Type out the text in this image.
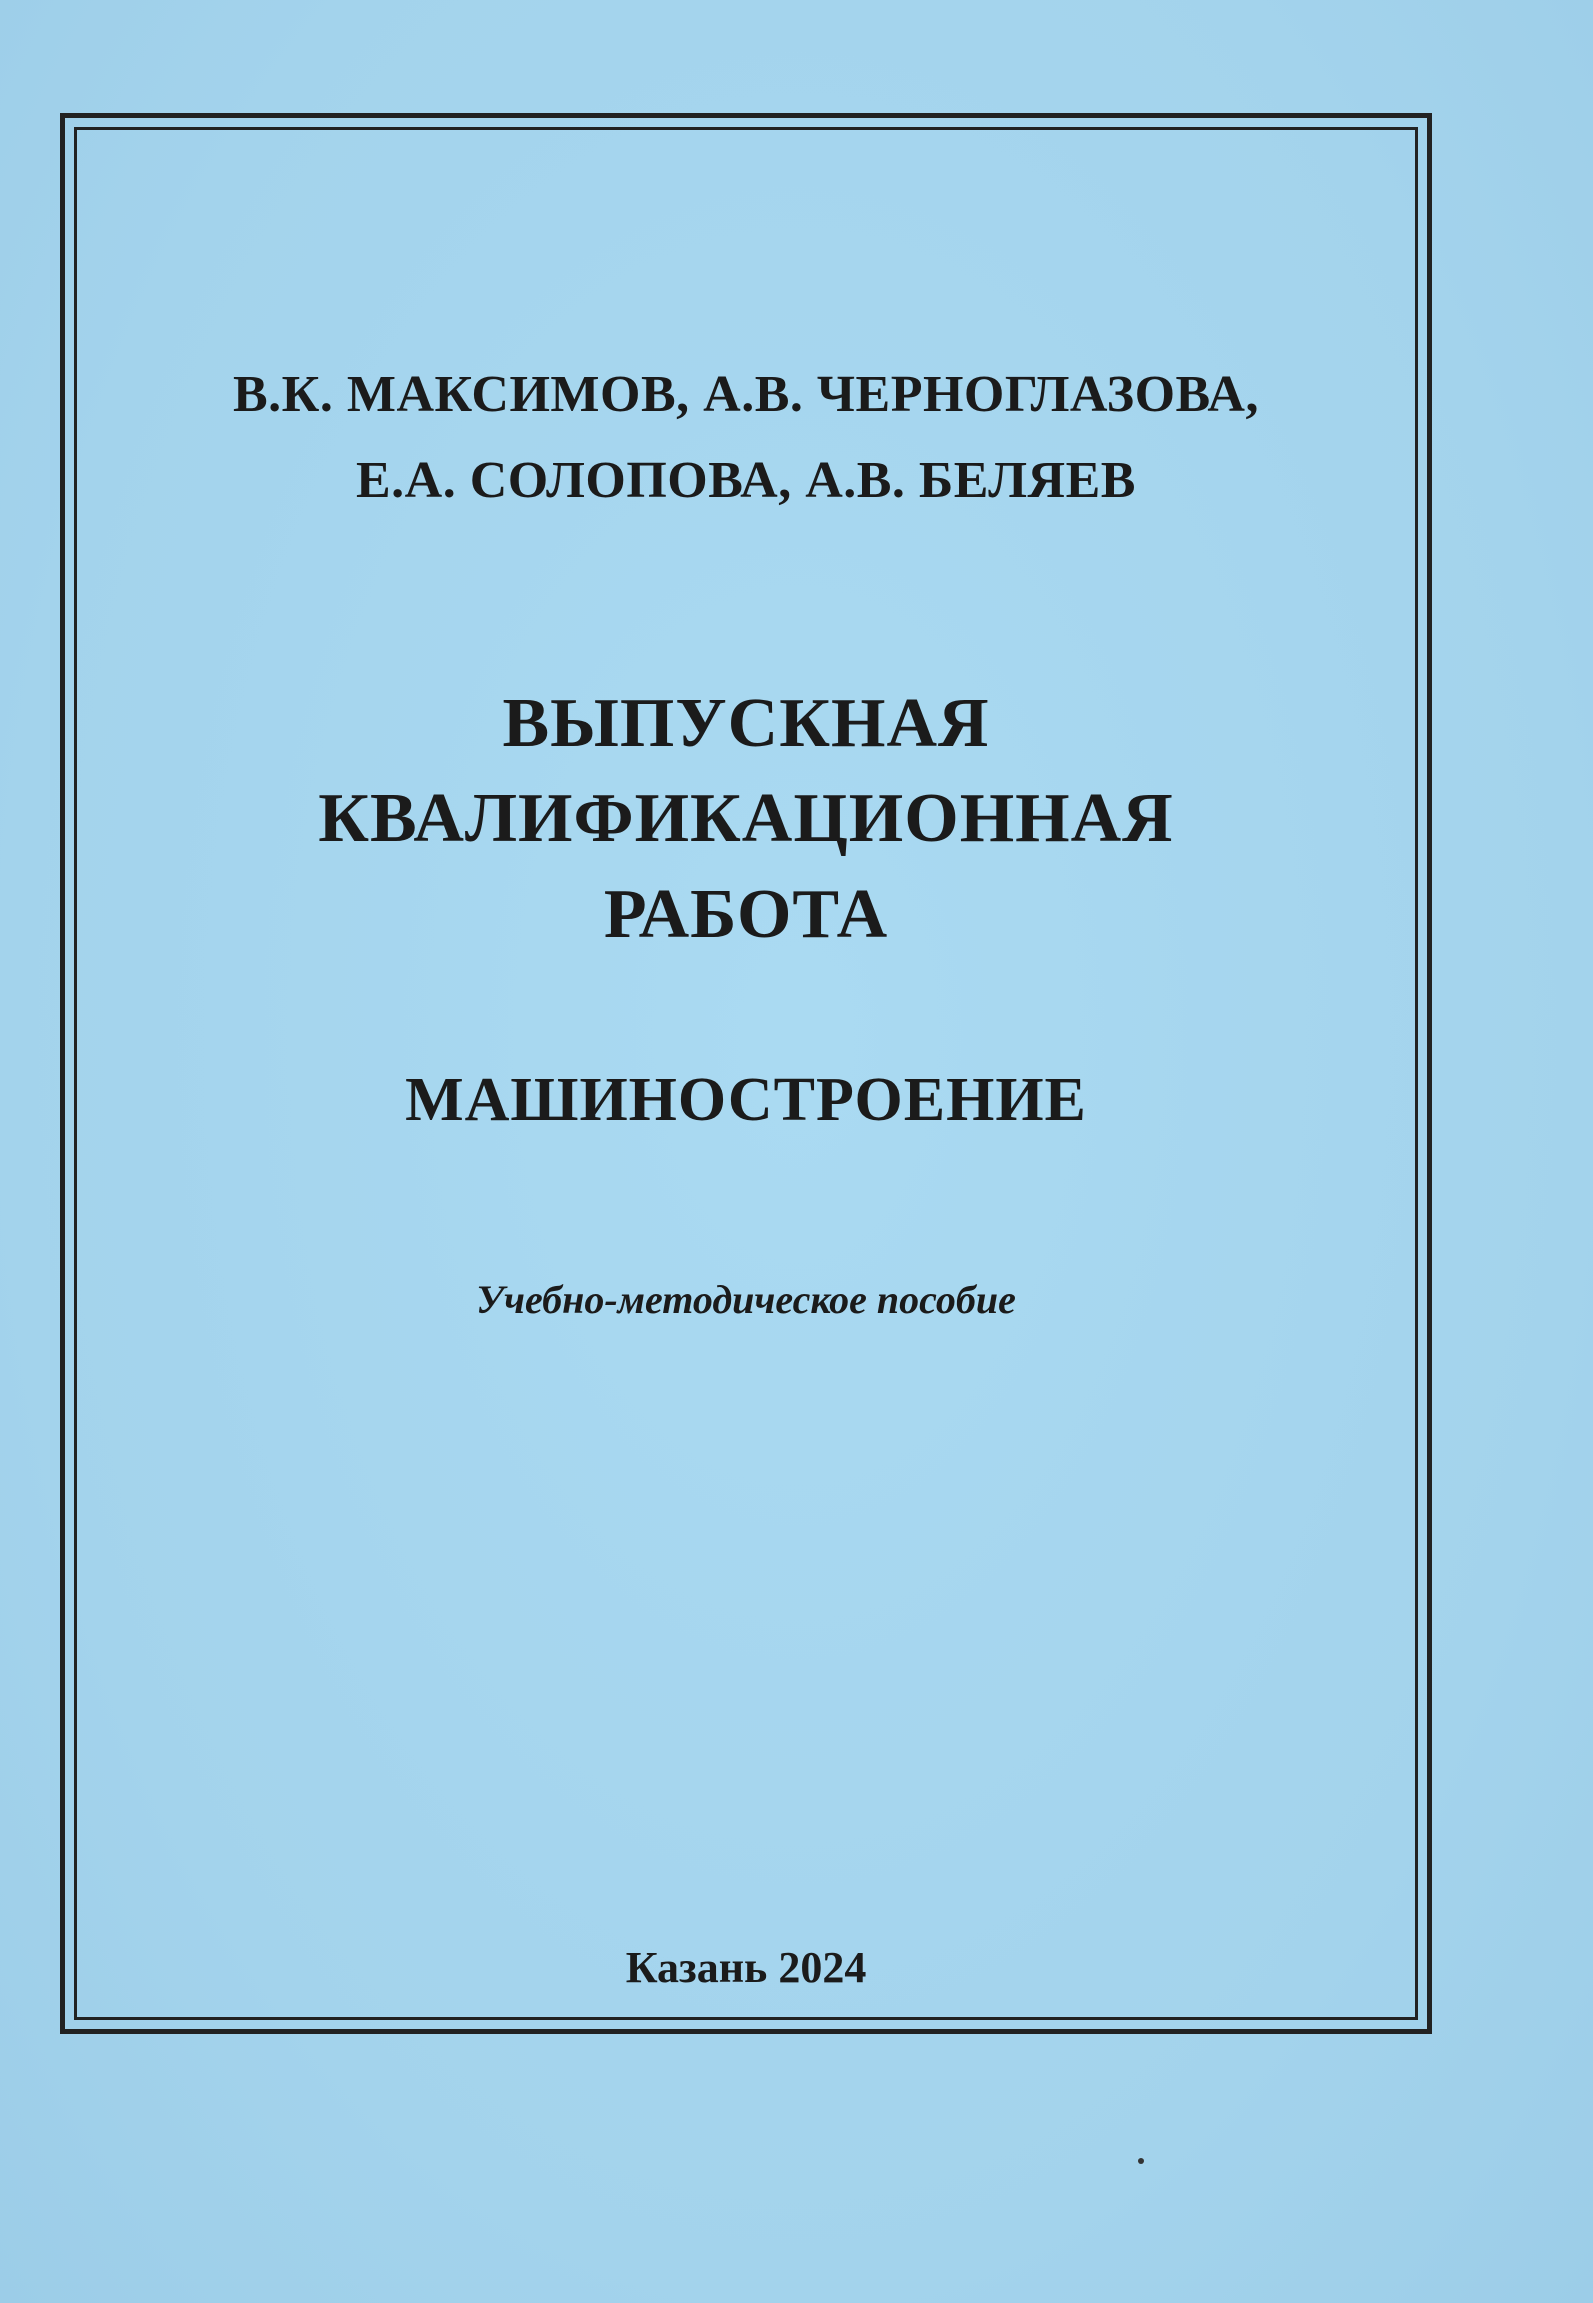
В.К. МАКСИМОВ, А.В. ЧЕРНОГЛАЗОВА,
Е.А. СОЛОПОВА, А.В. БЕЛЯЕВ
ВЫПУСКНАЯ
КВАЛИФИКАЦИОННАЯ
РАБОТА
МАШИНОСТРОЕНИЕ
Учебно-методическое пособие
Казань 2024
